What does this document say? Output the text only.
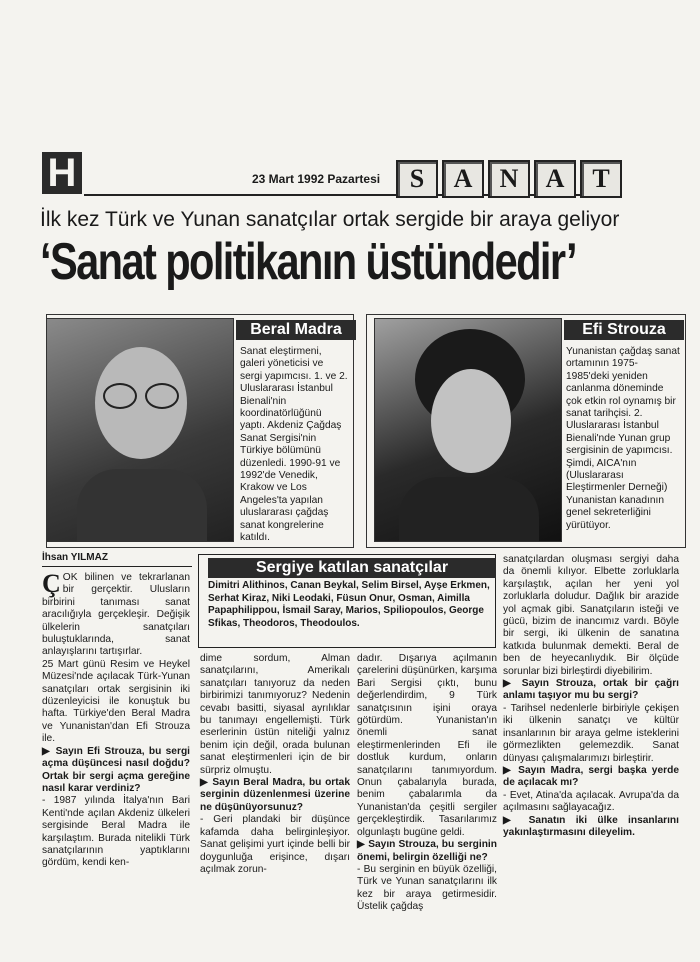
H	23 Mart 1992 Pazartesi	S	A	N	A	T
İlk kez Türk ve Yunan sanatçılar ortak sergide bir araya geliyor
‘Sanat politikanın üstündedir’
Beral Madra	Efi Strouza
Sanat eleştirmeni, galeri yöneticisi ve sergi yapımcısı. 1. ve 2. Uluslararası İstanbul Bienali'nin koordinatörlüğünü yaptı. Akdeniz Çağdaş Sanat Sergisi'nin Türkiye bölümünü düzenledi. 1990-91 ve 1992'de Venedik, Krakow ve Los Angeles'ta yapılan uluslararası çağdaş sanat kongrelerine katıldı.
Yunanistan çağdaş sanat ortamının 1975-1985'deki yeniden canlanma döneminde çok etkin rol oynamış bir sanat tarihçisi. 2. Uluslararası İstanbul Bienali'nde Yunan grup sergisinin de yapımcısı. Şimdi, AICA'nın (Uluslararası Eleştirmenler Derneği) Yunanistan kanadının genel sekreterliğini yürütüyor.
İhsan YILMAZ
Sergiye katılan sanatçılar
Dimitri Alithinos, Canan Beykal, Selim Birsel, Ayşe Erkmen, Serhat Kiraz, Niki Leodaki, Füsun Onur, Osman, Aimilla Papaphilippou, İsmail Saray, Marios, Spiliopoulos, George Sfikas, Theodoros, Theodoulos.

ÇOK bilinen ve tekrarlanan bir gerçektir. Ulusların birbirini tanıması sanat aracılığıyla gerçekleşir. Değişik ülkelerin sanatçıları buluştuklarında, sanat anlayışlarını tartışırlar.

25 Mart günü Resim ve Heykel Müzesi'nde açılacak Türk-Yunan sanatçıları ortak sergisinin iki düzenleyicisi ile konuştuk bu hafta. Türkiye'den Beral Madra ve Yunanistan'dan Efi Strouza ile.

▶ Sayın Efi Strouza, bu sergi açma düşüncesi nasıl doğdu? Ortak bir sergi açma gereğine nasıl karar verdiniz?

- 1987 yılında İtalya'nın Bari Kenti'nde açılan Akdeniz ülkeleri sergisinde Beral Madra ile karşılaştım. Burada nitelikli Türk sanatçılarının yaptıklarını gördüm, kendi ken-

dime sordum, Alman sanatçılarını, Amerikalı sanatçıları tanıyoruz da neden birbirimizi tanımıyoruz? Nedenin cevabı basitti, siyasal ayrılıklar bu tanımayı engellemişti. Türk eserlerinin üstün niteliği yalnız benim için değil, orada bulunan sanat eleştirmenleri için de bir sürpriz olmuştu.

▶ Sayın Beral Madra, bu ortak serginin düzenlenmesi üzerine ne düşünüyorsunuz?

- Geri plandaki bir düşünce kafamda daha belirginleşiyor. Sanat gelişimi yurt içinde belli bir doygunluğa erişince, dışarı açılmak zorun-

dadır. Dışarıya açılmanın çarelerini düşünürken, karşıma Bari Sergisi çıktı, bunu değerlendirdim, 9 Türk sanatçısının işini oraya götürdüm. Yunanistan'ın önemli sanat eleştirmenlerinden Efi ile dostluk kurdum, onların sanatçılarını tanımıyordum. Onun çabalarıyla burada, benim çabalarımla da Yunanistan'da çeşitli sergiler gerçekleştirdik. Tasarılarımız olgunlaştı bugüne geldi.

▶ Sayın Strouza, bu serginin önemi, belirgin özelliği ne?

- Bu serginin en büyük özelliği, Türk ve Yunan sanatçılarını ilk kez bir araya getirmesidir. Üstelik çağdaş

sanatçılardan oluşması sergiyi daha da önemli kılıyor. Elbette zorluklarla karşılaştık, açılan her yeni yol zorluklarla doludur. Dağlık bir arazide yol açmak gibi. Sanatçıların isteği ve gücü, bizim de inancımız vardı. Böyle bir sergi, iki ülkenin de sanatına katkıda bulunmak demekti. Beral de ben de heyecanlıydık. Bir ölçüde sorunlar bizi birleştirdi diyebilirim.

▶ Sayın Strouza, ortak bir çağrı anlamı taşıyor mu bu sergi?

- Tarihsel nedenlerle birbiriyle çekişen iki ülkenin sanatçı ve kültür insanlarının bir araya gelme isteklerini görmezlikten gelemezdik. Sanat dünyası çalışmalarımızı birleştirir.

▶ Sayın Madra, sergi başka yerde de açılacak mı?

- Evet, Atina'da açılacak. Avrupa'da da açılmasını sağlayacağız.

▶ Sanatın iki ülke insanlarını yakınlaştırmasını dileyelim.
